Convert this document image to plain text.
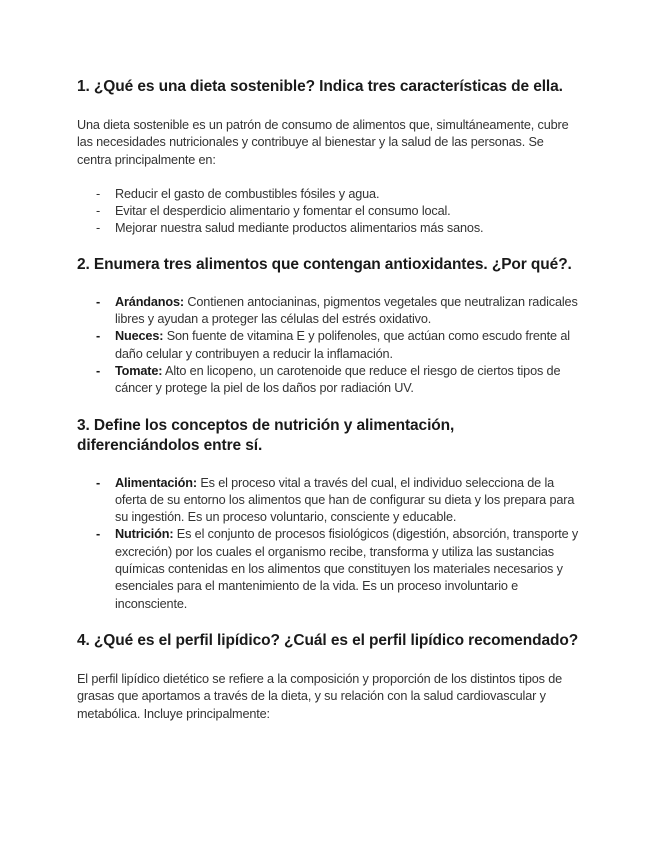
1. ¿Qué es una dieta sostenible? Indica tres características de ella.

Una dieta sostenible es un patrón de consumo de alimentos que, simultáneamente, cubre las necesidades nutricionales y contribuye al bienestar y la salud de las personas. Se centra principalmente en:

- Reducir el gasto de combustibles fósiles y agua.
- Evitar el desperdicio alimentario y fomentar el consumo local.
- Mejorar nuestra salud mediante productos alimentarios más sanos.
2. Enumera tres alimentos que contengan antioxidantes. ¿Por qué?.
- Arándanos: Contienen antocianinas, pigmentos vegetales que neutralizan radicales libres y ayudan a proteger las células del estrés oxidativo.
- Nueces: Son fuente de vitamina E y polifenoles, que actúan como escudo frente al daño celular y contribuyen a reducir la inflamación.
- Tomate: Alto en licopeno, un carotenoide que reduce el riesgo de ciertos tipos de cáncer y protege la piel de los daños por radiación UV.
3. Define los conceptos de nutrición y alimentación, diferenciándolos entre sí.
- Alimentación: Es el proceso vital a través del cual, el individuo selecciona de la oferta de su entorno los alimentos que han de configurar su dieta y los prepara para su ingestión. Es un proceso voluntario, consciente y educable.
- Nutrición: Es el conjunto de procesos fisiológicos (digestión, absorción, transporte y excreción) por los cuales el organismo recibe, transforma y utiliza las sustancias químicas contenidas en los alimentos que constituyen los materiales necesarios y esenciales para el mantenimiento de la vida. Es un proceso involuntario e inconsciente.
4. ¿Qué es el perfil lipídico? ¿Cuál es el perfil lipídico recomendado?

El perfil lipídico dietético se refiere a la composición y proporción de los distintos tipos de grasas que aportamos a través de la dieta, y su relación con la salud cardiovascular y metabólica. Incluye principalmente:
